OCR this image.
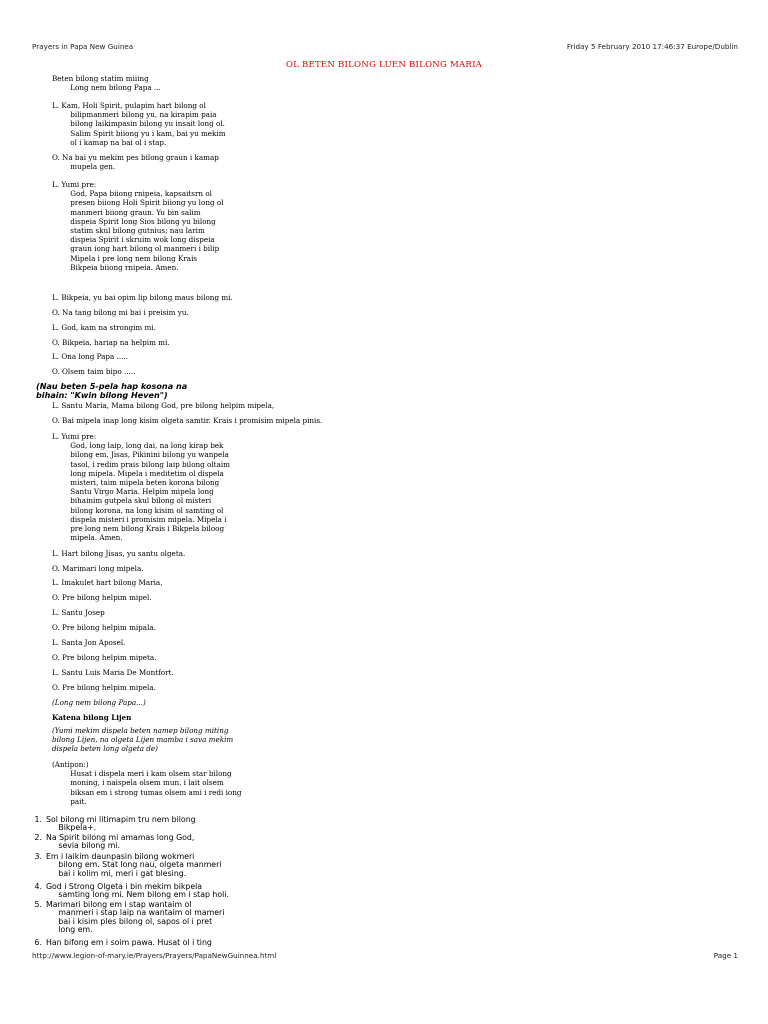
Prayers in Papa New Guinea	Friday 5 February 2010 17:46:37 Europe/Dublin
OL BETEN BILONG LUEN BILONG MARIA
Beten bilong statim miiing
Long nem bilong Papa ...
L. Kam, Holi Spirit, pulapim hart bilong ol
bilipmanmeri bilong yu, na kirapim paia
bilong laikimpasin bilong yu insait long ol.
Salim Spirit biiong yu i kam, bai yu mekim
ol i kamap na bai ol i stap.
O. Na bai yu mekim pes bilong graun i kamap
mupela gen.
L. Yumi pre:
God, Papa biiong rnipeia, kapsaitsrn ol
presen biiong Holi Spirit biiong yu long ol
manmeri biiong graun. Yu bin salim
dispeia Spirit long Sios bilong yu bilong
statim skul bilong gutnius; nau larim
dispeia Spirit i skruim wok long dispeia
graun iong hart bilong ol manmeri i bilip
Mipela i pre long nem bilong Krais
Bikpeia biiong rnipeia. Amen.
L. Bikpeia, yu bai opim lip bilong maus bilong mi.
O. Na tang bilong mi bai i preisim yu.
L. God, kam na strongim mi.
O. Bikpeia, hariap na helpim mi.
L. Ona long Papa .....
O. Olsem taim bipo .....
(Nau beten 5-pela hap kosona na
bihain: "Kwin bilong Heven")
L. Santu Maria, Mama bilong God, pre bilong helpim mipela,
O. Bai mipela inap long kisim olgeta samtir. Krais i promisim mipela pinis.
L. Yumi pre:
God, long laip, long dai, na long kirap bek
bilong em, Jisas, Pikinini bilong yu wanpela
tasol, i redim prais bilong laip bilong oltaim
long mipela. Mipela i meditetim ol dispela
misteri, taim mipela beten korona bilong
Santu Virgo Maria. Helpim mipela long
bihainim gutpela skul bilong ol misteri
bilong korona, na long kisim ol samting ol
dispela misteri i promisim mipela. Mipela i
pre long nem bilong Krais i Bikpela biloog
mipela. Amen.
L. Hart bilong Jisas, yu santu olgeta.
O. Marimari long mipela.
L. Imakulet hart bilong Maria,
O. Pre bilong helpim mipel.
L. Santu Josep
O. Pre bilong helpim mipala.
L. Santa Jon Aposel.
O. Pre bilong helpim mipeta.
L. Santu Luis Maria De Montfort.
O. Pre bilong helpim mipela.
(Long nem bilong Papa...)
Katena bilong Lijen
(Yumi mekim dispela beten namep bilong miting
bilong Lijen, na olgeta Lijen mamba i sava mekim
dispela beten long olgeta de)
(Antipon:)
Husat i dispela meri i kam olsem star bilong
moning, i naispela olsem mun, i lait olsem
biksan em i strong tumas olsem ami i redi iong
pait.
1. Sol bilong mi litimapim tru nem bilong
Bikpela+.
2. Na Spirit bilong mi amamas long God,
sevia bilong mi.
3. Em i laikim daunpasin bilong wokmeri
bilong em. Stat long nau, olgeta manmeri
bai i kolim mi, meri i gat blesing.
4. God i Strong Olgeta i bin mekim bikpela
samting long mi. Nem bilong em i stap holi.
5. Marimari bilong em i stap wantaim ol
manmeri i stap laip na wantaim ol mameri
bai i kisim ples bilong ol, sapos ol i pret
long em.
6. Han bifong em i soim pawa. Husat ol i ting
http://www.legion-of-mary.ie/Prayers/Prayers/PapaNewGuinnea.html	Page 1
